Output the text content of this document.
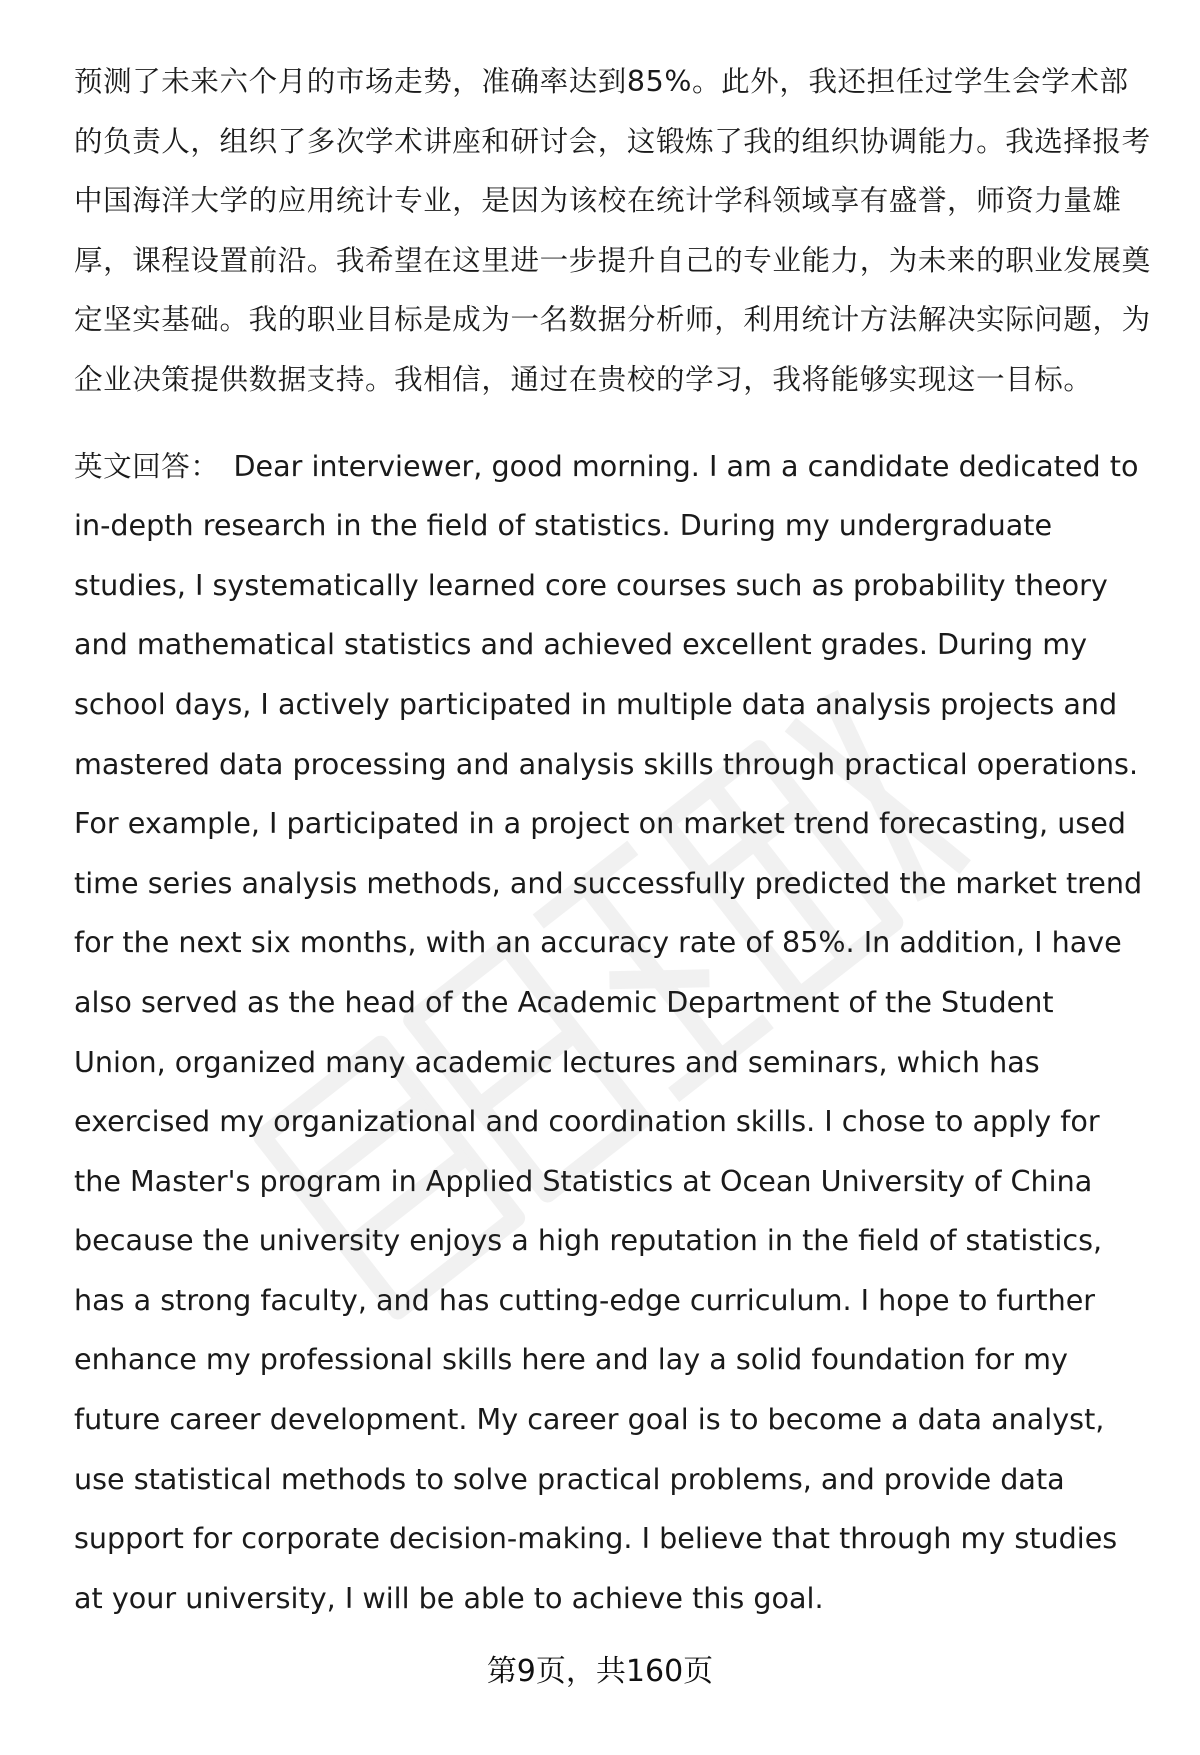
预测了未来六个月的市场走势，准确率达到85%。此外，我还担任过学生会学术部的负责人，组织了多次学术讲座和研讨会，这锻炼了我的组织协调能力。我选择报考中国海洋大学的应用统计专业，是因为该校在统计学科领域享有盛誉，师资力量雄厚，课程设置前沿。我希望在这里进一步提升自己的专业能力，为未来的职业发展奠定坚实基础。我的职业目标是成为一名数据分析师，利用统计方法解决实际问题，为企业决策提供数据支持。我相信，通过在贵校的学习，我将能够实现这一目标。

英文回答： Dear interviewer, good morning. I am a candidate dedicated to in-depth research in the field of statistics. During my undergraduate studies, I systematically learned core courses such as probability theory and mathematical statistics and achieved excellent grades. During my school days, I actively participated in multiple data analysis projects and mastered data processing and analysis skills through practical operations. For example, I participated in a project on market trend forecasting, used time series analysis methods, and successfully predicted the market trend for the next six months, with an accuracy rate of 85%. In addition, I have also served as the head of the Academic Department of the Student Union, organized many academic lectures and seminars, which has exercised my organizational and coordination skills. I chose to apply for the Master's program in Applied Statistics at Ocean University of China because the university enjoys a high reputation in the field of statistics, has a strong faculty, and has cutting-edge curriculum. I hope to further enhance my professional skills here and lay a solid foundation for my future career development. My career goal is to become a data analyst, use statistical methods to solve practical problems, and provide data support for corporate decision-making. I believe that through my studies at your university, I will be able to achieve this goal.

第9页，共160页
